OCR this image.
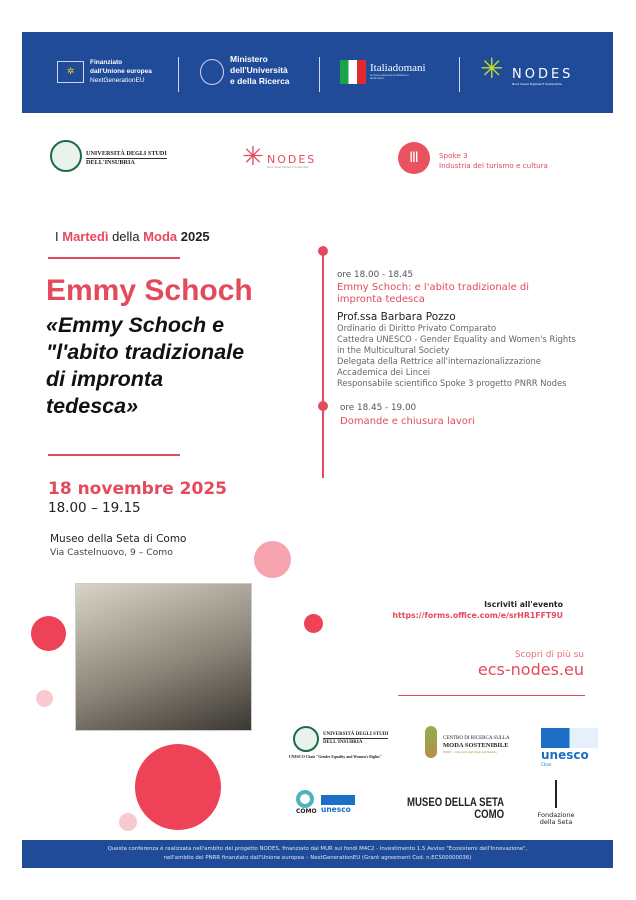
✲
Finanziato
dall'Unione europea
NextGenerationEU
Ministero
dell'Università
e della Ricerca
Italiadomani
PIANO NAZIONALE DI RIPRESA E RESILIENZA	✳ NODES
Nord Ovest Digitale E Sostenibile
UNIVERSITÀ DEGLI STUDI
DELL'INSUBRIA	✳ NODES
Nord Ovest Digitale E Sostenibile
Ⅲ	Spoke 3
Industria del turismo e cultura
I Martedì della Moda 2025
Emmy Schoch
«Emmy Schoch e
"l'abito tradizionale
di impronta
tedesca»
18 novembre 2025
18.00 – 19.15
Museo della Seta di Como
Via Castelnuovo, 9 – Como
ore 18.00 - 18.45
Emmy Schoch: e l'abito tradizionale di impronta tedesca
Prof.ssa Barbara Pozzo
Ordinario di Diritto Privato Comparato
Cattedra UNESCO - Gender Equality and Women's Rights in the Multicultural Society
Delegata della Rettrice all'internazionalizzazione
Accademica dei Lincei
Responsabile scientifico Spoke 3 progetto PNRR Nodes
ore 18.45 - 19.00
Domande e chiusura lavori
Iscriviti all'evento
https://forms.office.com/e/srHR1FFT9U
Scopri di più su
ecs-nodes.eu
UNIVERSITÀ DEGLI STUDI
DELL'INSUBRIA
UNESCO Chair "Gender Equality and Women's Rights"
CENTRO DI RICERCA SULLA
MODA SOSTENIBILE
INDEC - Università degli Studi dell'Insubria	unesco
Chair
COMO unesco
MUSEO DELLA SETA
COMO	Fondazione
della Seta
Questa conferenza è realizzata nell'ambito del progetto NODES, finanziato dal MUR sui fondi M4C2 - Investimento 1.5 Avviso "Ecosistemi dell'Innovazione",
nell'ambito del PNRR finanziato dall'Unione europea – NextGenerationEU (Grant agreement Cod. n.ECS00000036)
